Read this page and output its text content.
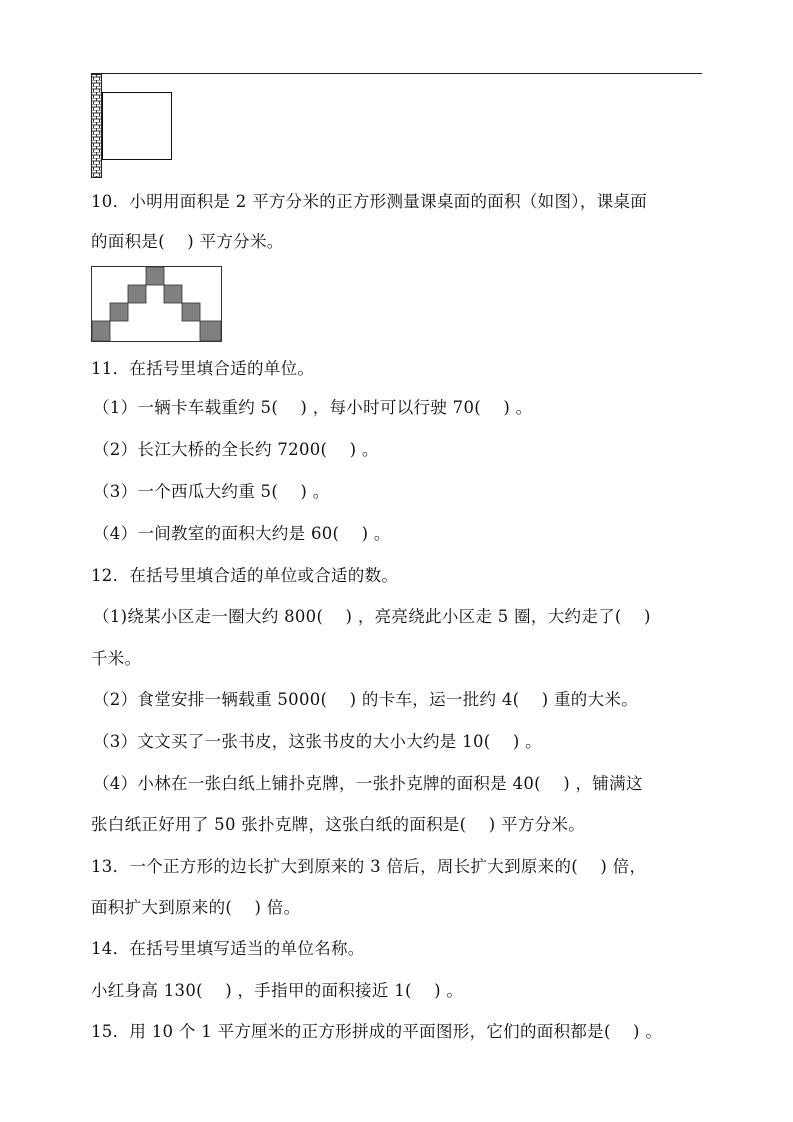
10．小明用面积是 2 平方分米的正方形测量课桌面的面积（如图），课桌面
的面积是(　 ) 平方分米。
11．在括号里填合适的单位。
（1）一辆卡车载重约 5(　 ) ，每小时可以行驶 70(　 ) 。
（2）长江大桥的全长约 7200(　 ) 。
（3）一个西瓜大约重 5(　 ) 。
（4）一间教室的面积大约是 60(　 ) 。
12．在括号里填合适的单位或合适的数。
（1)绕某小区走一圈大约 800(　 ) ，亮亮绕此小区走 5 圈，大约走了(　 )
千米。
（2）食堂安排一辆载重 5000(　 ) 的卡车，运一批约 4(　 ) 重的大米。
（3）文文买了一张书皮，这张书皮的大小大约是 10(　 ) 。
（4）小林在一张白纸上铺扑克牌，一张扑克牌的面积是 40(　 ) ，铺满这
张白纸正好用了 50 张扑克牌，这张白纸的面积是(　 ) 平方分米。
13．一个正方形的边长扩大到原来的 3 倍后，周长扩大到原来的(　 ) 倍，
面积扩大到原来的(　 ) 倍。
14．在括号里填写适当的单位名称。
小红身高 130(　 ) ，手指甲的面积接近 1(　 ) 。
15．用 10 个 1 平方厘米的正方形拼成的平面图形，它们的面积都是(　 ) 。
